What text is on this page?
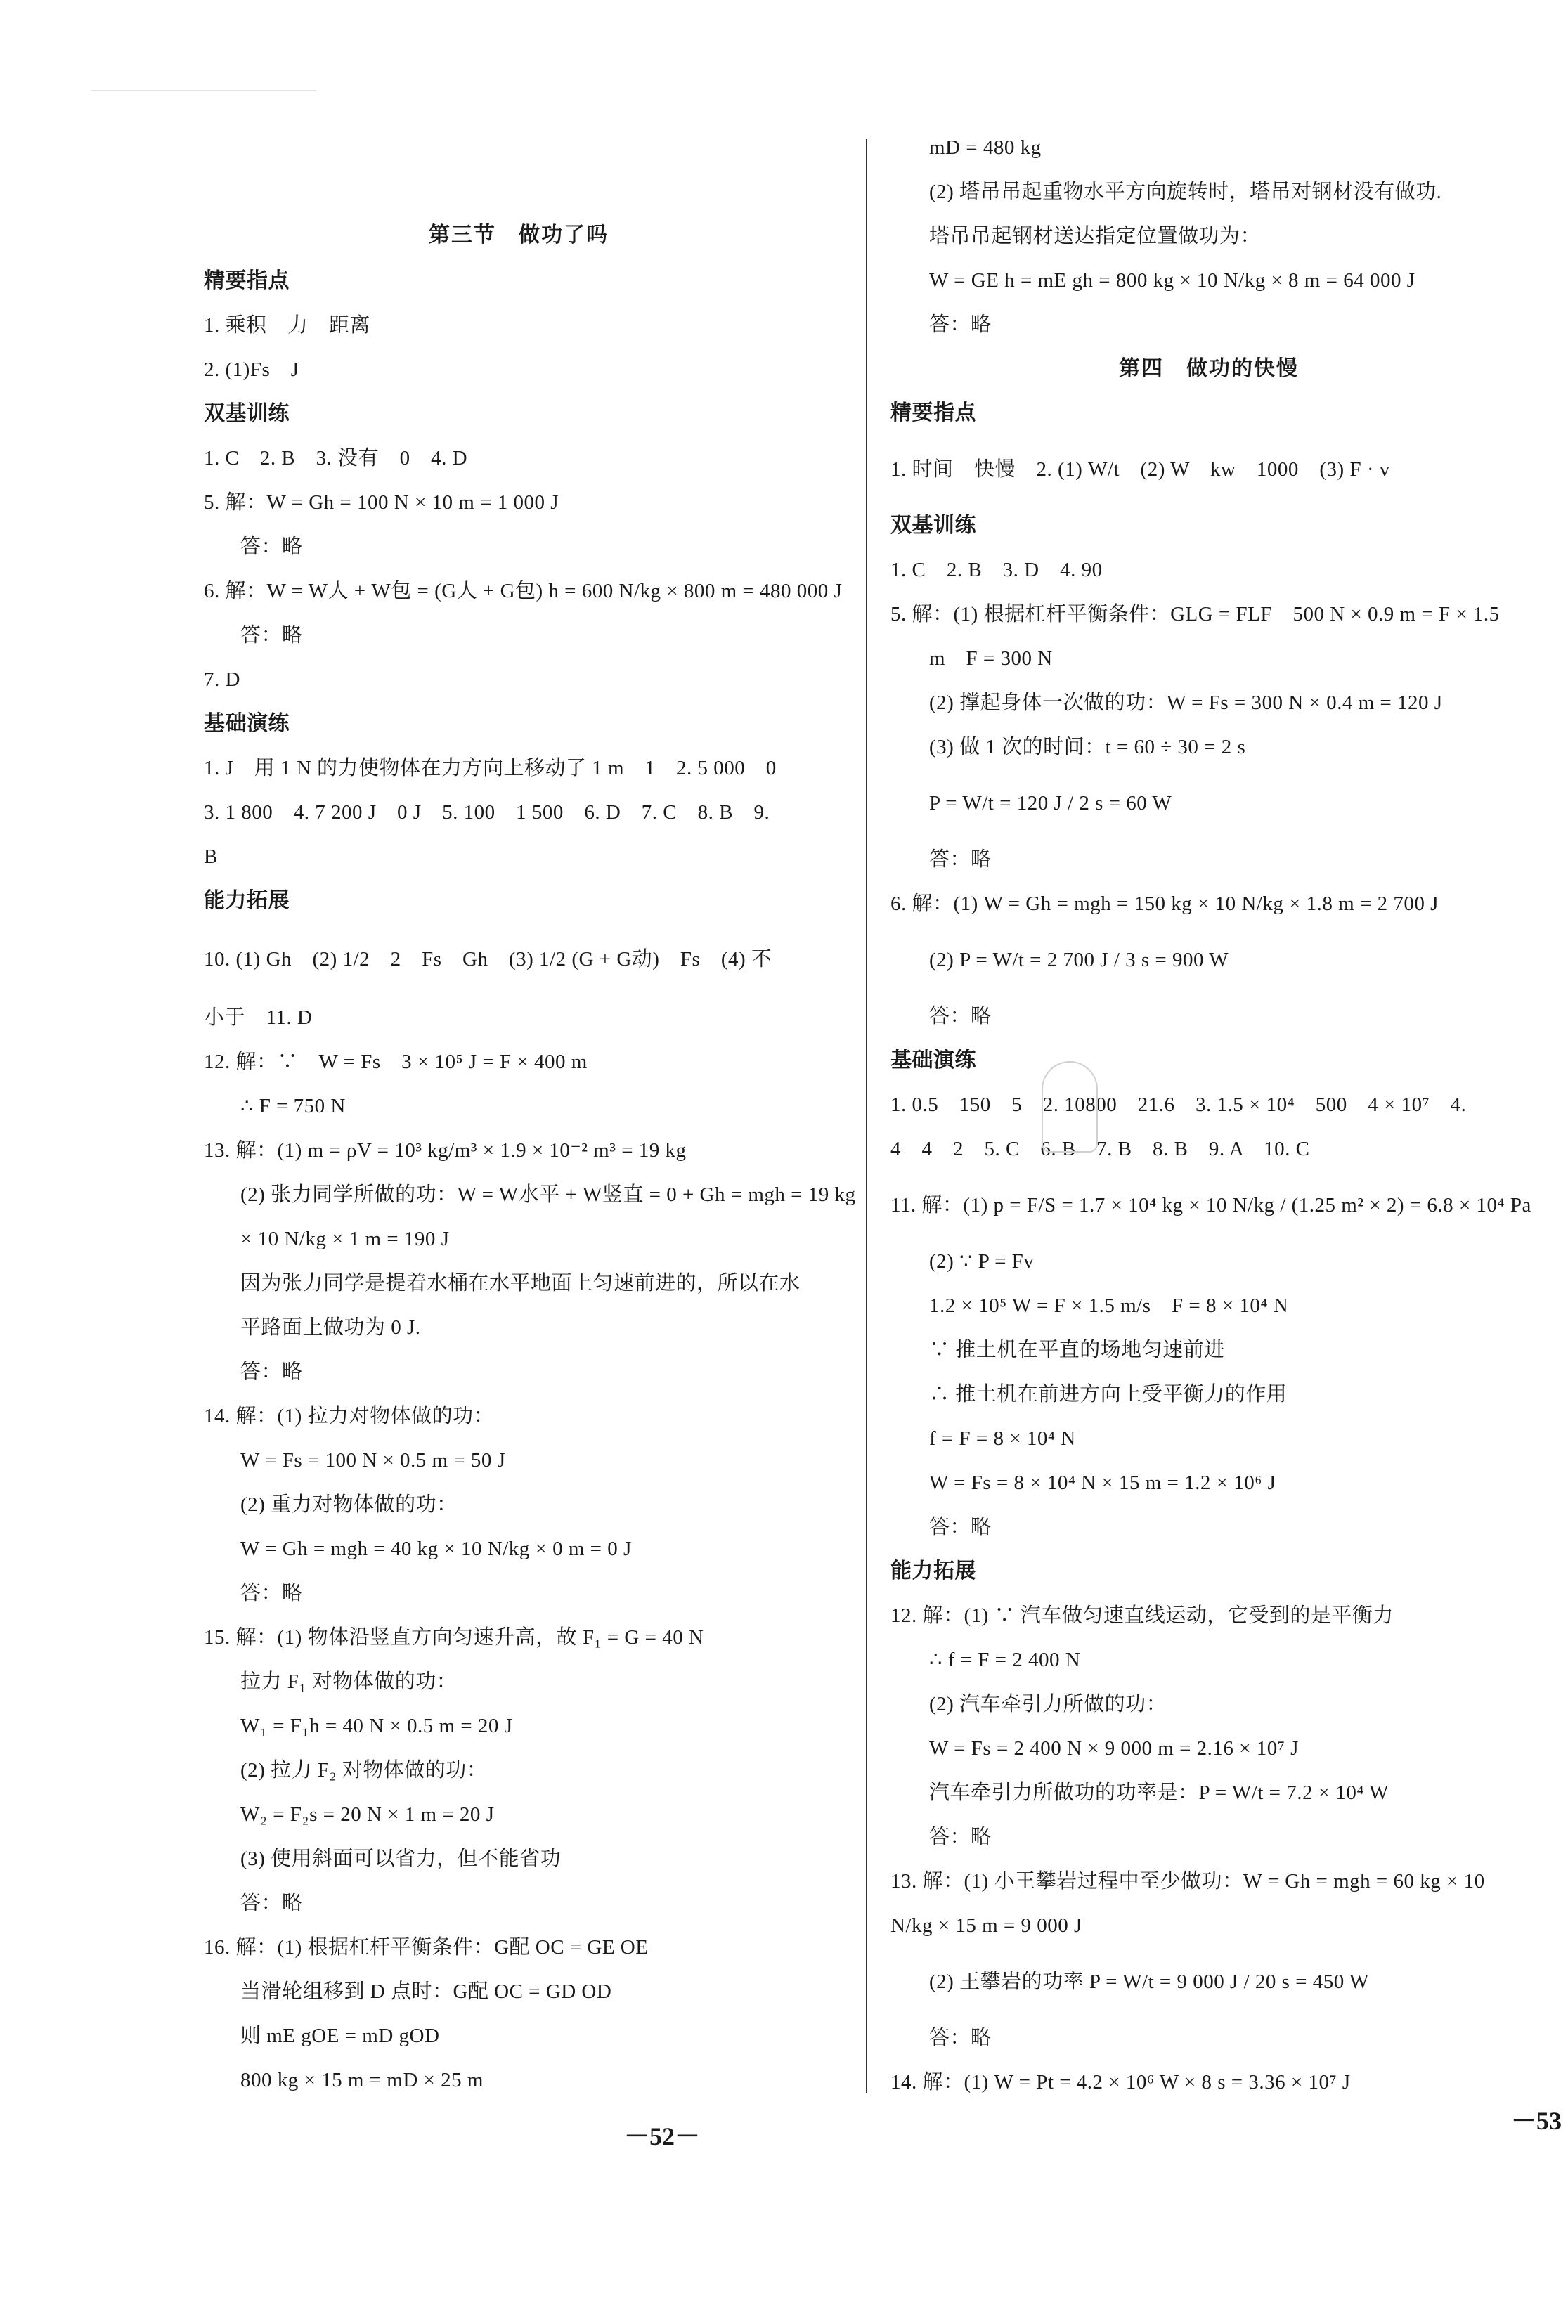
第三节　做功了吗
精要指点
1. 乘积　力　距离
2. (1)Fs　J
双基训练
1. C　2. B　3. 没有　0　4. D
5. 解：W = Gh = 100 N × 10 m = 1 000 J
答：略
6. 解：W = W人 + W包 = (G人 + G包) h = 600 N/kg × 800 m = 480 000 J
答：略
7. D
基础演练
1. J　用 1 N 的力使物体在力方向上移动了 1 m　1　2. 5 000　0
3. 1 800　4. 7 200 J　0 J　5. 100　1 500　6. D　7. C　8. B　9.
B
能力拓展
10. (1) Gh　(2) 1/2　2　Fs　Gh　(3) 1/2 (G + G动)　Fs　(4) 不
小于　11. D
12. 解：∵　W = Fs　3 × 10⁵ J = F × 400 m
∴ F = 750 N
13. 解：(1) m = ρV = 10³ kg/m³ × 1.9 × 10⁻² m³ = 19 kg
(2) 张力同学所做的功：W = W水平 + W竖直 = 0 + Gh = mgh = 19 kg
× 10 N/kg × 1 m = 190 J
因为张力同学是提着水桶在水平地面上匀速前进的，所以在水
平路面上做功为 0 J.
答：略
14. 解：(1) 拉力对物体做的功：
W = Fs = 100 N × 0.5 m = 50 J
(2) 重力对物体做的功：
W = Gh = mgh = 40 kg × 10 N/kg × 0 m = 0 J
答：略
15. 解：(1) 物体沿竖直方向匀速升高，故 F₁ = G = 40 N
拉力 F₁ 对物体做的功：
W₁ = F₁h = 40 N × 0.5 m = 20 J
(2) 拉力 F₂ 对物体做的功：
W₂ = F₂s = 20 N × 1 m = 20 J
(3) 使用斜面可以省力，但不能省功
答：略
16. 解：(1) 根据杠杆平衡条件：G配 OC = GE OE
当滑轮组移到 D 点时：G配 OC = GD OD
则 mE gOE = mD gOD
800 kg × 15 m = mD × 25 m
mD = 480 kg
(2) 塔吊吊起重物水平方向旋转时，塔吊对钢材没有做功.
塔吊吊起钢材送达指定位置做功为：
W = GE h = mE gh = 800 kg × 10 N/kg × 8 m = 64 000 J
答：略
第四　做功的快慢
精要指点
1. 时间　快慢　2. (1) W/t　(2) W　kw　1000　(3) F · v
双基训练
1. C　2. B　3. D　4. 90
5. 解：(1) 根据杠杆平衡条件：GLG = FLF　500 N × 0.9 m = F × 1.5
m　F = 300 N
(2) 撑起身体一次做的功：W = Fs = 300 N × 0.4 m = 120 J
(3) 做 1 次的时间：t = 60 ÷ 30 = 2 s
P = W/t = 120 J / 2 s = 60 W
答：略
6. 解：(1) W = Gh = mgh = 150 kg × 10 N/kg × 1.8 m = 2 700 J
(2) P = W/t = 2 700 J / 3 s = 900 W
答：略
基础演练
1. 0.5　150　5　2. 10800　21.6　3. 1.5 × 10⁴　500　4 × 10⁷　4.
4　4　2　5. C　6. B　7. B　8. B　9. A　10. C
11. 解：(1) p = F/S = 1.7 × 10⁴ kg × 10 N/kg / (1.25 m² × 2) = 6.8 × 10⁴ Pa
(2) ∵ P = Fv
1.2 × 10⁵ W = F × 1.5 m/s　F = 8 × 10⁴ N
∵ 推土机在平直的场地匀速前进
∴ 推土机在前进方向上受平衡力的作用
f = F = 8 × 10⁴ N
W = Fs = 8 × 10⁴ N × 15 m = 1.2 × 10⁶ J
答：略
能力拓展
12. 解：(1) ∵ 汽车做匀速直线运动，它受到的是平衡力
∴ f = F = 2 400 N
(2) 汽车牵引力所做的功：
W = Fs = 2 400 N × 9 000 m = 2.16 × 10⁷ J
汽车牵引力所做功的功率是：P = W/t = 7.2 × 10⁴ W
答：略
13. 解：(1) 小王攀岩过程中至少做功：W = Gh = mgh = 60 kg × 10
N/kg × 15 m = 9 000 J
(2) 王攀岩的功率 P = W/t = 9 000 J / 20 s = 450 W
答：略
14. 解：(1) W = Pt = 4.2 × 10⁶ W × 8 s = 3.36 × 10⁷ J
－52－
－53
